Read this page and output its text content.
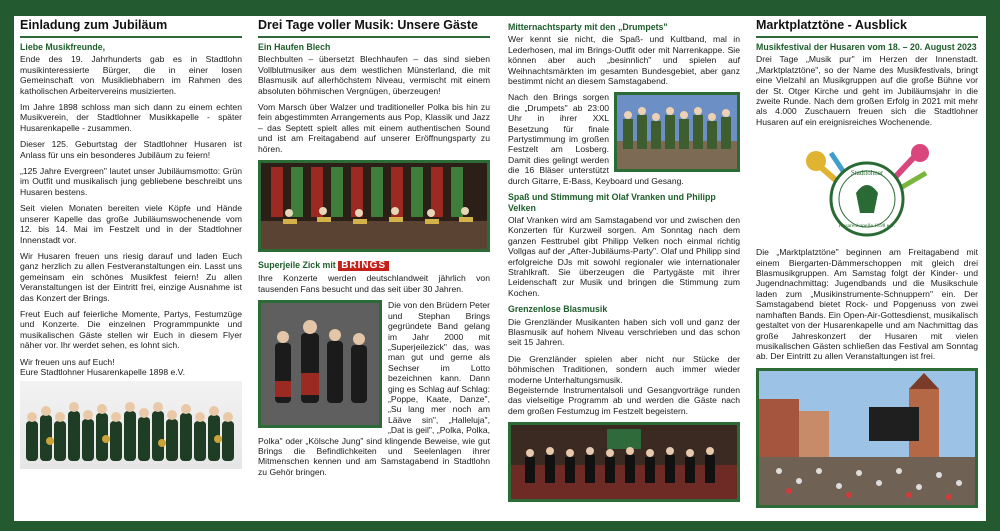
Einladung zum Jubiläum
Liebe Musikfreunde,

Ende des 19. Jahrhunderts gab es in Stadtlohn musikinteressierte Bürger, die in einer losen Gemeinschaft von Musikliebhabern im Rahmen des katholischen Arbeitervereins musizierten.

Im Jahre 1898 schloss man sich dann zu einem echten Musikverein, der Stadtlohner Musikkapelle - später Husarenkapelle - zusammen.

Dieser 125. Geburtstag der Stadtlohner Husaren ist Anlass für uns ein besonderes Jubiläum zu feiern!

„125 Jahre Evergreen" lautet unser Jubiläumsmotto: Grün im Outfit und musikalisch jung gebliebene beschreibt uns Husaren bestens.

Seit vielen Monaten bereiten viele Köpfe und Hände unserer Kapelle das große Jubiläumswochenende vom 12. bis 14. Mai im Festzelt und in der Stadtlohner Innenstadt vor.

Wir Husaren freuen uns riesig darauf und laden Euch ganz herzlich zu allen Festveranstaltungen ein. Lasst uns gemeinsam ein schönes Musikfest feiern! Zu allen Veranstaltungen ist der Eintritt frei, einzige Ausnahme ist das Konzert der Brings.

Freut Euch auf feierliche Momente, Partys, Festumzüge und Konzerte. Die einzelnen Programmpunkte und musikalischen Gäste stellen wir Euch in diesem Flyer näher vor. Ihr werdet sehen, es lohnt sich.

Wir freuen uns auf Euch!
Eure Stadtlohner Husarenkapelle 1898 e.V.
Drei Tage voller Musik: Unsere Gäste
Ein Haufen Blech

Blechbulten – übersetzt Blechhaufen – das sind sieben Vollblutmusiker aus dem westlichen Münsterland, die mit Blasmusik auf allerhöchstem Niveau, vermischt mit einem absoluten böhmischen Vergnügen, überzeugen!

Vom Marsch über Walzer und traditioneller Polka bis hin zu fein abgestimmten Arrangements aus Pop, Klassik und Jazz – das Septett spielt alles mit einem authentischen Sound und ist am Freitagabend auf unserer Eröffnungsparty zu hören.

Superjeile Zick mit BRINGS

Ihre Konzerte werden deutschlandweit jährlich von tausenden Fans besucht und das seit über 30 Jahren.

Die von den Brüdern Peter und Stephan Brings gegründete Band gelang im Jahr 2000 mit „Superjeilezick" das, was man gut und gerne als Sechser im Lotto bezeichnen kann. Dann ging es Schlag auf Schlag: „Poppe, Kaate, Danze", „Su lang mer noch am Lääve sin", „Halleluja", „Dat is geil", „Polka, Polka, Polka" oder „Kölsche Jung" sind klingende Beweise, wie gut Brings die Befindlichkeiten und Seelenlagen ihrer Mitmenschen kennen und am Samstagabend in Stadtlohn zu Gehör bringen.

Mitternachtsparty mit den „Drumpets"

Wer kennt sie nicht, die Spaß- und Kultband, mal in Lederhosen, mal im Brings-Outfit oder mit Narrenkappe. Sie können aber auch „besinnlich" und spielen auf Weihnachtsmärkten im gesamten Bundesgebiet, aber ganz bestimmt nicht an diesem Samstagabend.

Nach den Brings sorgen die „Drumpets" ab 23:00 Uhr in ihrer XXL Besetzung für finale Partystimmung im großen Festzelt am Losberg. Damit dies gelingt werden die 16 Bläser unterstützt durch Gitarre, E-Bass, Keyboard und Gesang.

Spaß und Stimmung mit Olaf Vranken und Philipp Velken

Olaf Vranken wird am Samstagabend vor und zwischen den Konzerten für Kurzweil sorgen. Am Sonntag nach dem ganzen Festtrubel gibt Philipp Velken noch einmal richtig Vollgas auf der „After-Jubiläums-Party". Olaf und Philipp sind erfolgreiche DJs mit sowohl regionaler wie internationaler Strahlkraft. Sie überzeugen die Partygäste mit ihrer Leidenschaft zur Musik und bringen die Stimmung zum Kochen.

Grenzenlose Blasmusik

Die Grenzländer Musikanten haben sich voll und ganz der Blasmusik auf hohem Niveau verschrieben und das schon seit 15 Jahren.

Die Grenzländer spielen aber nicht nur Stücke der böhmischen Traditionen, sondern auch immer wieder moderne Unterhaltungsmusik.

Begeisternde Instrumentalsoli und Gesangvorträge runden das vielseitige Programm ab und werden die Gäste nach dem großen Festumzug im Festzelt begeistern.

Marktplatztöne - Ausblick
Musikfestival der Husaren vom 18. – 20. August 2023

Drei Tage „Musik pur" im Herzen der Innenstadt. „Marktplatztöne", so der Name des Musikfestivals, bringt eine Vielzahl an Musikgruppen auf die große Bühne vor der St. Otger Kirche und geht im Jubiläumsjahr in die zweite Runde. Nach dem großen Erfolg in 2021 mit mehr als 4.000 Zuschauern freuen sich die Stadtlohner Husaren auf ein ereignisreiches Wochenende.

Stadtlohner
Husarenkapelle 1898 e.V.

Die „Marktplatztöne" beginnen am Freitagabend mit einem Biergarten-Dämmerschoppen mit gleich drei Blasmusikgruppen. Am Samstag folgt der Kinder- und Jugendnachmittag: Jugendbands und die Musikschule laden zum „Musikinstrumente-Schnuppern" ein. Der Samstagabend bietet Rock- und Popgenuss von zwei namhaften Bands. Ein Open-Air-Gottesdienst, musikalisch gestaltet von der Husarenkapelle und am Nachmittag das große Jahreskonzert der Husaren mit vielen musikalischen Gästen schließen das Festival am Sonntag ab. Der Eintritt zu allen Veranstaltungen ist frei.
